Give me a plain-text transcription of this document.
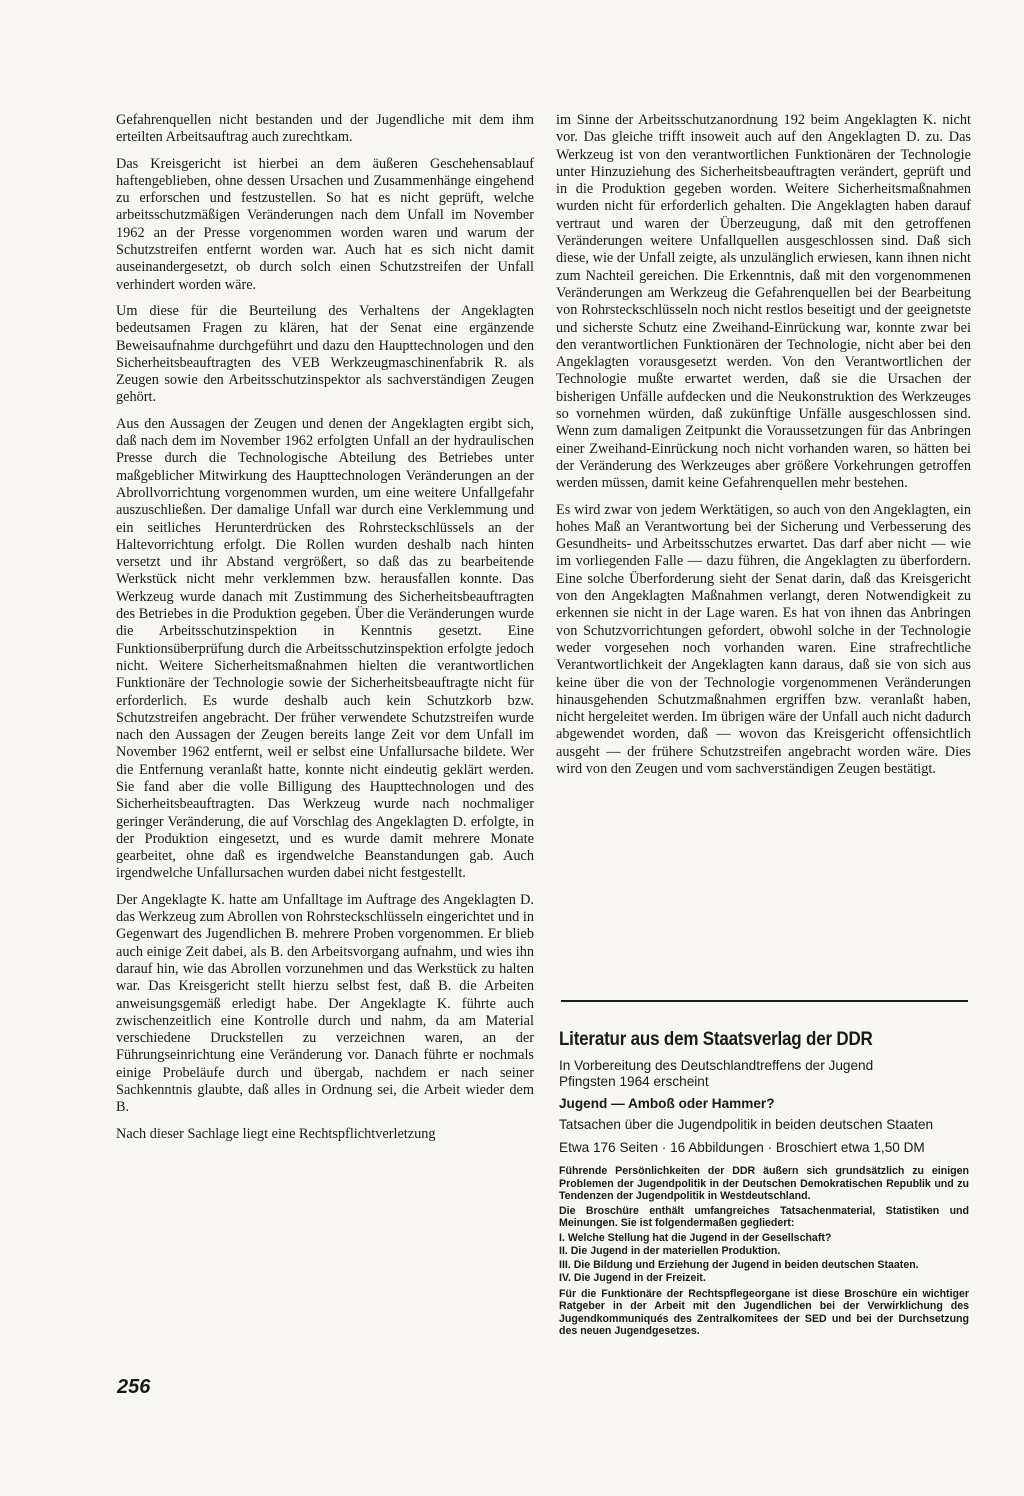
Gefahrenquellen nicht bestanden und der Jugendliche mit dem ihm erteilten Arbeitsauftrag auch zurechtkam.

Das Kreisgericht ist hierbei an dem äußeren Geschehensablauf haftengeblieben, ohne dessen Ursachen und Zusammenhänge eingehend zu erforschen und festzustellen. So hat es nicht geprüft, welche arbeitsschutzmäßigen Veränderungen nach dem Unfall im November 1962 an der Presse vorgenommen worden waren und warum der Schutzstreifen entfernt worden war. Auch hat es sich nicht damit auseinandergesetzt, ob durch solch einen Schutzstreifen der Unfall verhindert worden wäre.

Um diese für die Beurteilung des Verhaltens der Angeklagten bedeutsamen Fragen zu klären, hat der Senat eine ergänzende Beweisaufnahme durchgeführt und dazu den Haupttechnologen und den Sicherheitsbeauftragten des VEB Werkzeugmaschinenfabrik R. als Zeugen sowie den Arbeitsschutzinspektor als sachverständigen Zeugen gehört.

Aus den Aussagen der Zeugen und denen der Angeklagten ergibt sich, daß nach dem im November 1962 erfolgten Unfall an der hydraulischen Presse durch die Technologische Abteilung des Betriebes unter maßgeblicher Mitwirkung des Haupttechnologen Veränderungen an der Abrollvorrichtung vorgenommen wurden, um eine weitere Unfallgefahr auszuschließen. Der damalige Unfall war durch eine Verklemmung und ein seitliches Herunterdrücken des Rohrsteckschlüssels an der Haltevorrichtung erfolgt. Die Rollen wurden deshalb nach hinten versetzt und ihr Abstand vergrößert, so daß das zu bearbeitende Werkstück nicht mehr verklemmen bzw. herausfallen konnte. Das Werkzeug wurde danach mit Zustimmung des Sicherheitsbeauftragten des Betriebes in die Produktion gegeben. Über die Veränderungen wurde die Arbeitsschutzinspektion in Kenntnis gesetzt. Eine Funktionsüberprüfung durch die Arbeitsschutzinspektion erfolgte jedoch nicht. Weitere Sicherheitsmaßnahmen hielten die verantwortlichen Funktionäre der Technologie sowie der Sicherheitsbeauftragte nicht für erforderlich. Es wurde deshalb auch kein Schutzkorb bzw. Schutzstreifen angebracht. Der früher verwendete Schutzstreifen wurde nach den Aussagen der Zeugen bereits lange Zeit vor dem Unfall im November 1962 entfernt, weil er selbst eine Unfallursache bildete. Wer die Entfernung veranlaßt hatte, konnte nicht eindeutig geklärt werden. Sie fand aber die volle Billigung des Haupttechnologen und des Sicherheitsbeauftragten. Das Werkzeug wurde nach nochmaliger geringer Veränderung, die auf Vorschlag des Angeklagten D. erfolgte, in der Produktion eingesetzt, und es wurde damit mehrere Monate gearbeitet, ohne daß es irgendwelche Beanstandungen gab. Auch irgendwelche Unfallursachen wurden dabei nicht festgestellt.

Der Angeklagte K. hatte am Unfalltage im Auftrage des Angeklagten D. das Werkzeug zum Abrollen von Rohrsteckschlüsseln eingerichtet und in Gegenwart des Jugendlichen B. mehrere Proben vorgenommen. Er blieb auch einige Zeit dabei, als B. den Arbeitsvorgang aufnahm, und wies ihn darauf hin, wie das Abrollen vorzunehmen und das Werkstück zu halten war. Das Kreisgericht stellt hierzu selbst fest, daß B. die Arbeiten anweisungsgemäß erledigt habe. Der Angeklagte K. führte auch zwischenzeitlich eine Kontrolle durch und nahm, da am Material verschiedene Druckstellen zu verzeichnen waren, an der Führungseinrichtung eine Veränderung vor. Danach führte er nochmals einige Probeläufe durch und übergab, nachdem er nach seiner Sachkenntnis glaubte, daß alles in Ordnung sei, die Arbeit wieder dem B.

Nach dieser Sachlage liegt eine Rechtspflichtverletzung

im Sinne der Arbeitsschutzanordnung 192 beim Angeklagten K. nicht vor. Das gleiche trifft insoweit auch auf den Angeklagten D. zu. Das Werkzeug ist von den verantwortlichen Funktionären der Technologie unter Hinzuziehung des Sicherheitsbeauftragten verändert, geprüft und in die Produktion gegeben worden. Weitere Sicherheitsmaßnahmen wurden nicht für erforderlich gehalten. Die Angeklagten haben darauf vertraut und waren der Überzeugung, daß mit den getroffenen Veränderungen weitere Unfallquellen ausgeschlossen sind. Daß sich diese, wie der Unfall zeigte, als unzulänglich erwiesen, kann ihnen nicht zum Nachteil gereichen. Die Erkenntnis, daß mit den vorgenommenen Veränderungen am Werkzeug die Gefahrenquellen bei der Bearbeitung von Rohrsteckschlüsseln noch nicht restlos beseitigt und der geeignetste und sicherste Schutz eine Zweihand-Einrückung war, konnte zwar bei den verantwortlichen Funktionären der Technologie, nicht aber bei den Angeklagten vorausgesetzt werden. Von den Verantwortlichen der Technologie mußte erwartet werden, daß sie die Ursachen der bisherigen Unfälle aufdecken und die Neukonstruktion des Werkzeuges so vornehmen würden, daß zukünftige Unfälle ausgeschlossen sind. Wenn zum damaligen Zeitpunkt die Voraussetzungen für das Anbringen einer Zweihand-Einrückung noch nicht vorhanden waren, so hätten bei der Veränderung des Werkzeuges aber größere Vorkehrungen getroffen werden müssen, damit keine Gefahrenquellen mehr bestehen.

Es wird zwar von jedem Werktätigen, so auch von den Angeklagten, ein hohes Maß an Verantwortung bei der Sicherung und Verbesserung des Gesundheits- und Arbeitsschutzes erwartet. Das darf aber nicht — wie im vorliegenden Falle — dazu führen, die Angeklagten zu überfordern. Eine solche Überforderung sieht der Senat darin, daß das Kreisgericht von den Angeklagten Maßnahmen verlangt, deren Notwendigkeit zu erkennen sie nicht in der Lage waren. Es hat von ihnen das Anbringen von Schutzvorrichtungen gefordert, obwohl solche in der Technologie weder vorgesehen noch vorhanden waren. Eine strafrechtliche Verantwortlichkeit der Angeklagten kann daraus, daß sie von sich aus keine über die von der Technologie vorgenommenen Veränderungen hinausgehenden Schutzmaßnahmen ergriffen bzw. veranlaßt haben, nicht hergeleitet werden. Im übrigen wäre der Unfall auch nicht dadurch abgewendet worden, daß — wovon das Kreisgericht offensichtlich ausgeht — der frühere Schutzstreifen angebracht worden wäre. Dies wird von den Zeugen und vom sachverständigen Zeugen bestätigt.

256
Literatur aus dem Staatsverlag der DDR

In Vorbereitung des Deutschlandtreffens der Jugend

Pfingsten 1964 erscheint

Jugend — Amboß oder Hammer?

Tatsachen über die Jugendpolitik in beiden deutschen Staaten

Etwa 176 Seiten · 16 Abbildungen · Broschiert etwa 1,50 DM

Führende Persönlichkeiten der DDR äußern sich grundsätzlich zu einigen Problemen der Jugendpolitik in der Deutschen Demokratischen Republik und zu Tendenzen der Jugendpolitik in Westdeutschland.

Die Broschüre enthält umfangreiches Tatsachenmaterial, Statistiken und Meinungen. Sie ist folgendermaßen gegliedert:

I. Welche Stellung hat die Jugend in der Gesellschaft?
II. Die Jugend in der materiellen Produktion.
III. Die Bildung und Erziehung der Jugend in beiden deutschen Staaten.
IV. Die Jugend in der Freizeit.

Für die Funktionäre der Rechtspflegeorgane ist diese Broschüre ein wichtiger Ratgeber in der Arbeit mit den Jugendlichen bei der Verwirklichung des Jugendkommuniqués des Zentralkomitees der SED und bei der Durchsetzung des neuen Jugendgesetzes.
